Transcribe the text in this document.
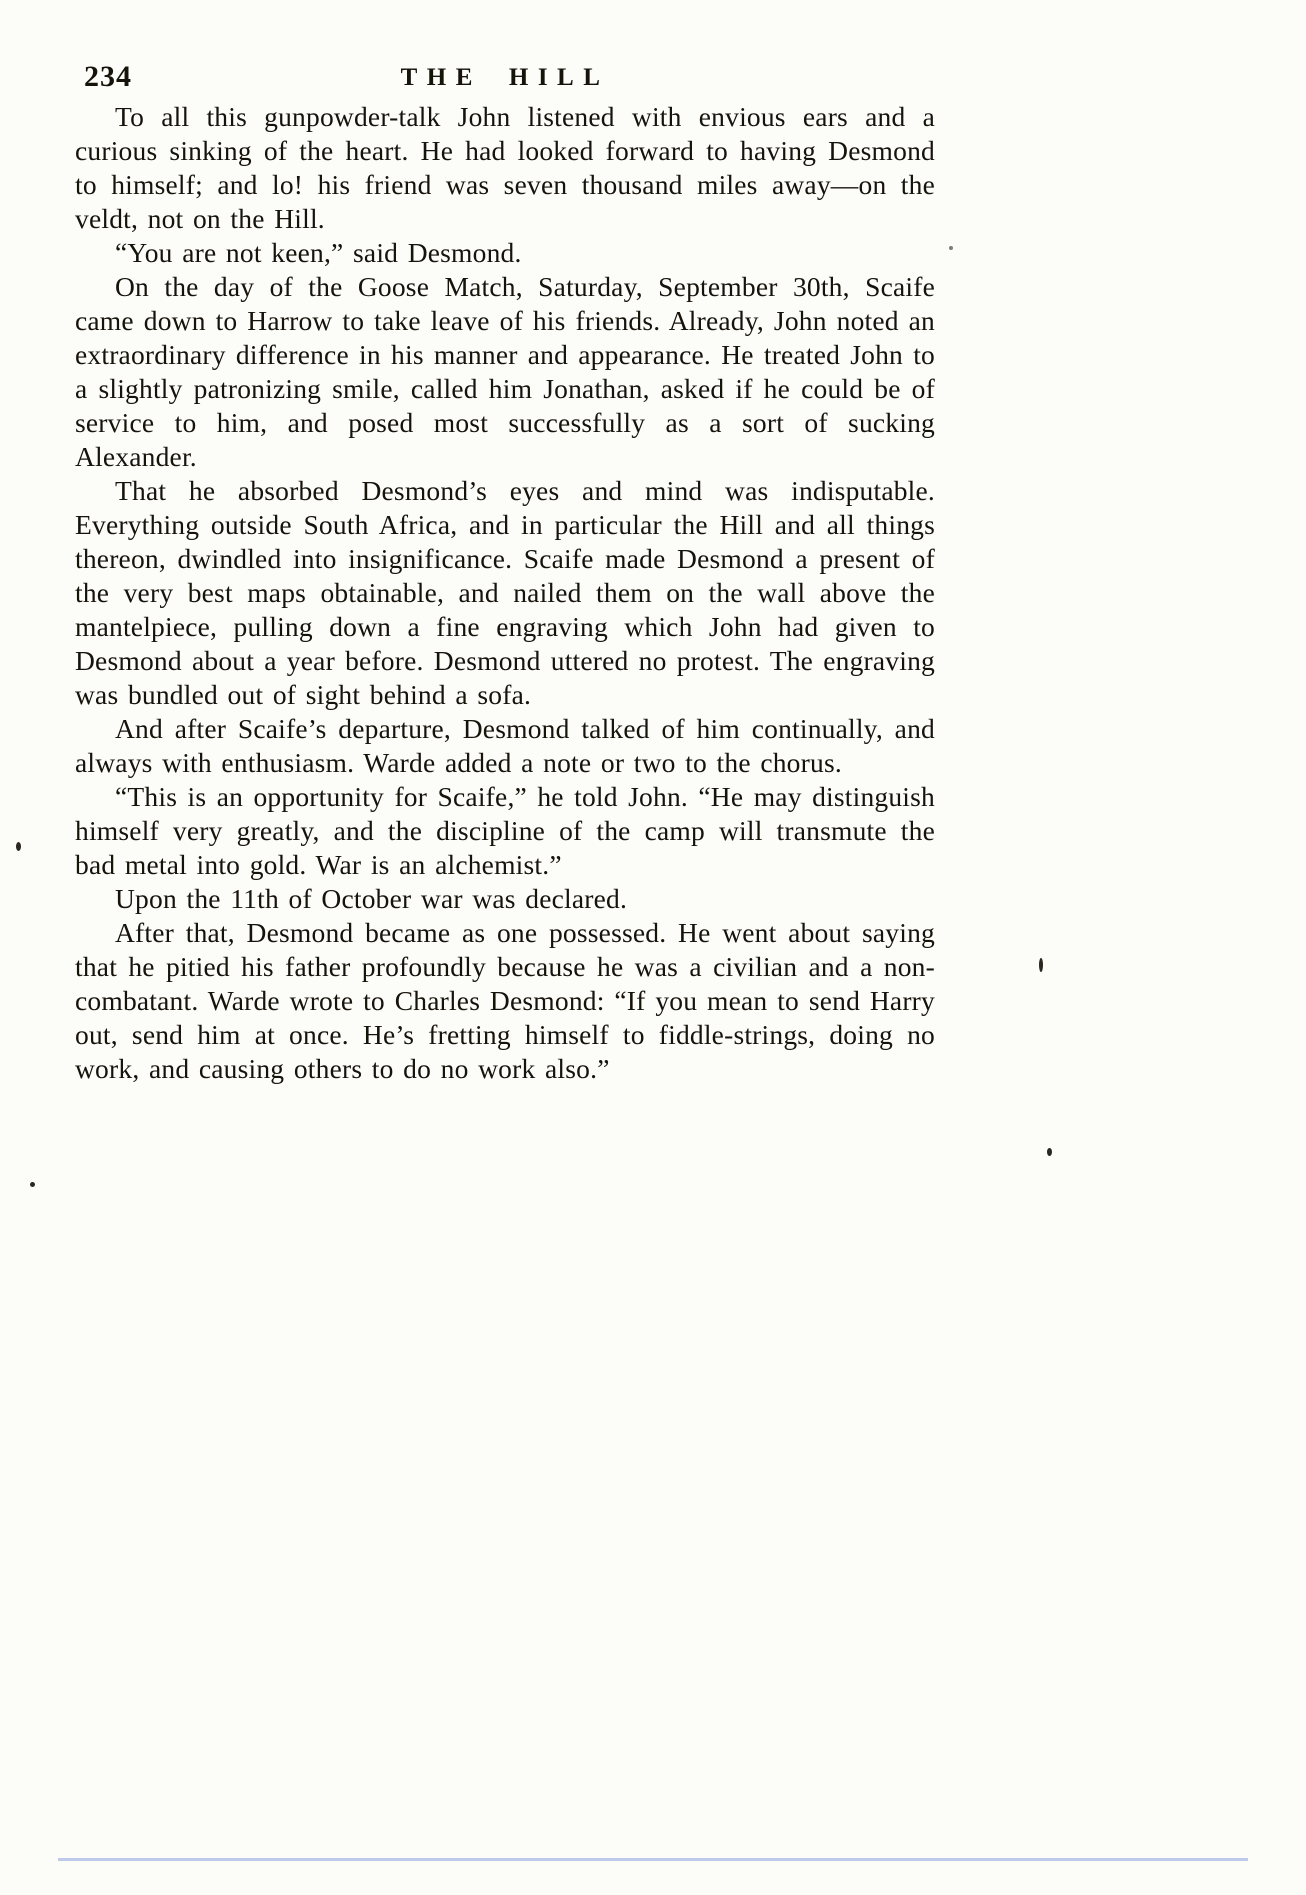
234	THE HILL

To all this gunpowder-talk John listened with envious ears and a curious sinking of the heart. He had looked forward to having Desmond to himself; and lo! his friend was seven thousand miles away—on the veldt, not on the Hill.

“You are not keen,” said Desmond.

On the day of the Goose Match, Saturday, September 30th, Scaife came down to Harrow to take leave of his friends. Already, John noted an extraordinary difference in his manner and appearance. He treated John to a slightly patronizing smile, called him Jonathan, asked if he could be of service to him, and posed most successfully as a sort of sucking Alexander.

That he absorbed Desmond’s eyes and mind was indisputable. Everything outside South Africa, and in particular the Hill and all things thereon, dwindled into insignificance. Scaife made Desmond a present of the very best maps obtainable, and nailed them on the wall above the mantelpiece, pulling down a fine engraving which John had given to Desmond about a year before. Desmond uttered no protest. The engraving was bundled out of sight behind a sofa.

And after Scaife’s departure, Desmond talked of him continually, and always with enthusiasm. Warde added a note or two to the chorus.

“This is an opportunity for Scaife,” he told John. “He may distinguish himself very greatly, and the discipline of the camp will transmute the bad metal into gold. War is an alchemist.”

Upon the 11th of October war was declared.

After that, Desmond became as one possessed. He went about saying that he pitied his father profoundly because he was a civilian and a non-combatant. Warde wrote to Charles Desmond: “If you mean to send Harry out, send him at once. He’s fretting himself to fiddle-strings, doing no work, and causing others to do no work also.”
